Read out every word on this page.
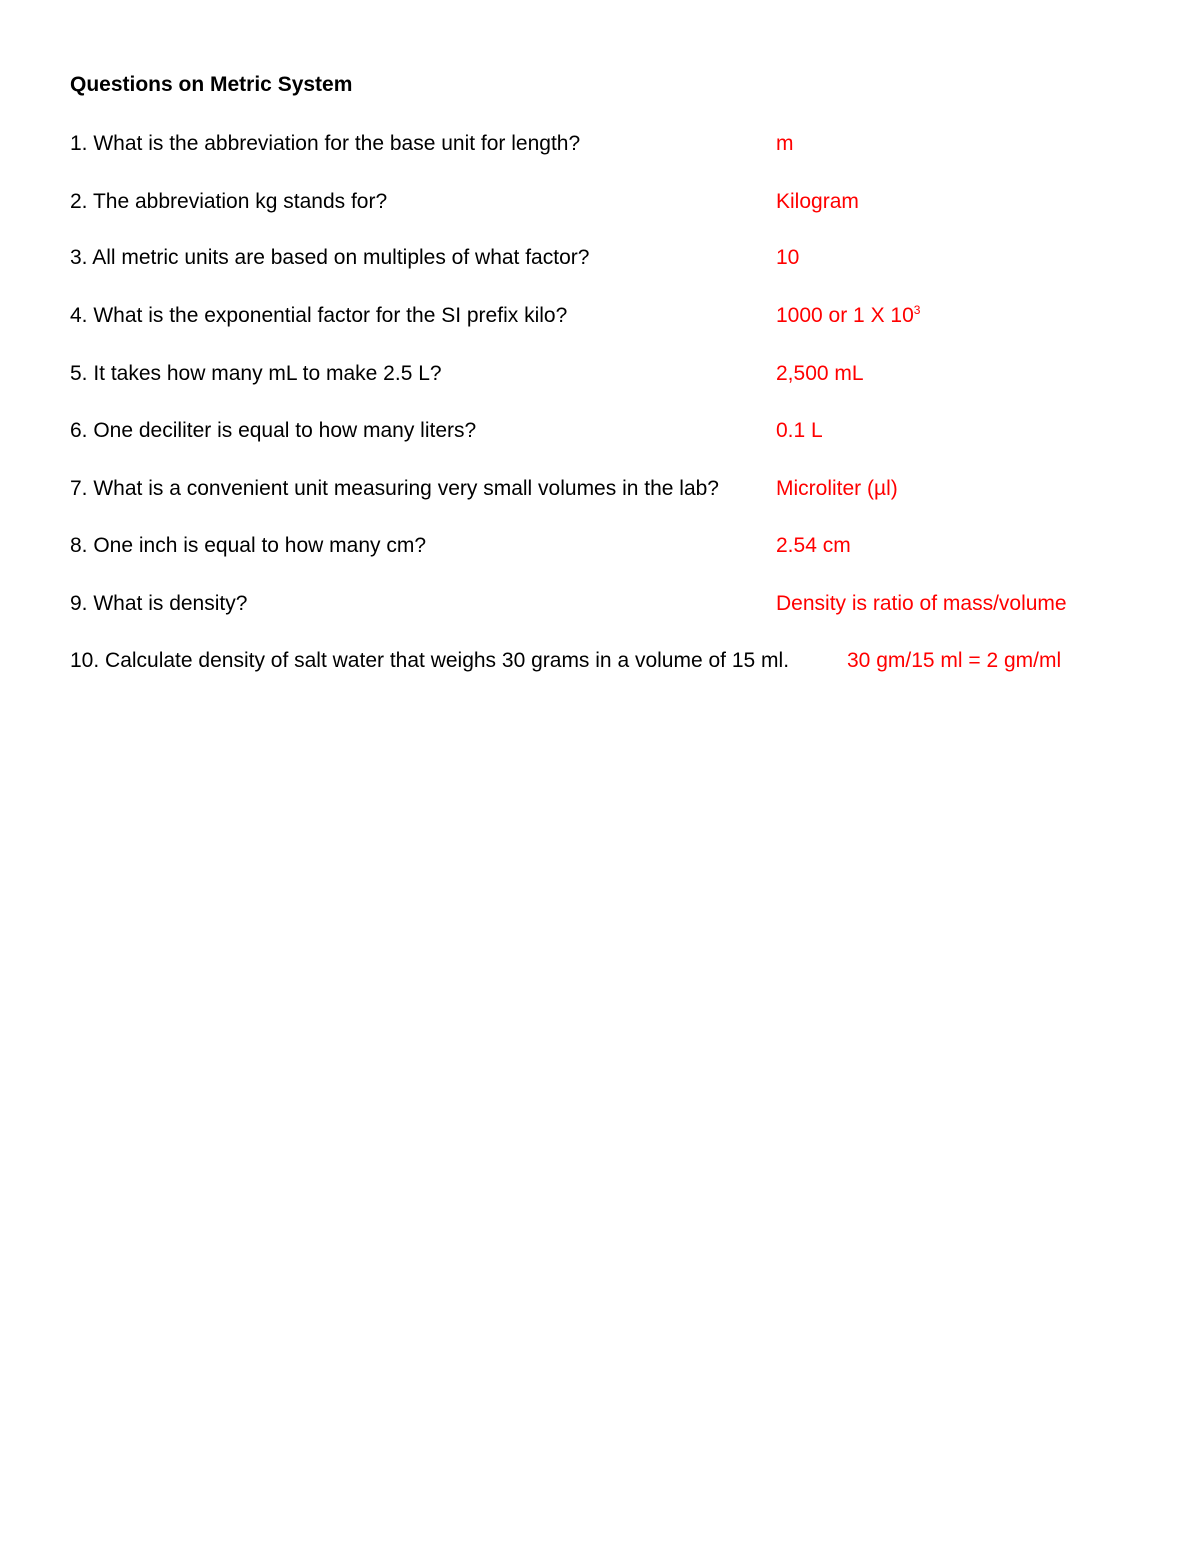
Questions on Metric System
1. What is the abbreviation for the base unit for length?	m
2. The abbreviation kg stands for?	Kilogram
3. All metric units are based on multiples of what factor?	10
4. What is the exponential factor for the SI prefix kilo?	1000 or 1 X $10^3$
5. It takes how many mL to make 2.5 L?	2,500 mL
6. One deciliter is equal to how many liters?	0.1 L
7. What is a convenient unit measuring very small volumes in the lab?	Microliter (µl)
8. One inch is equal to how many cm?	2.54 cm
9. What is density?	Density is ratio of mass/volume
10. Calculate density of salt water that weighs 30 grams in a volume of 15 ml.	30 gm/15 ml = 2 gm/ml
